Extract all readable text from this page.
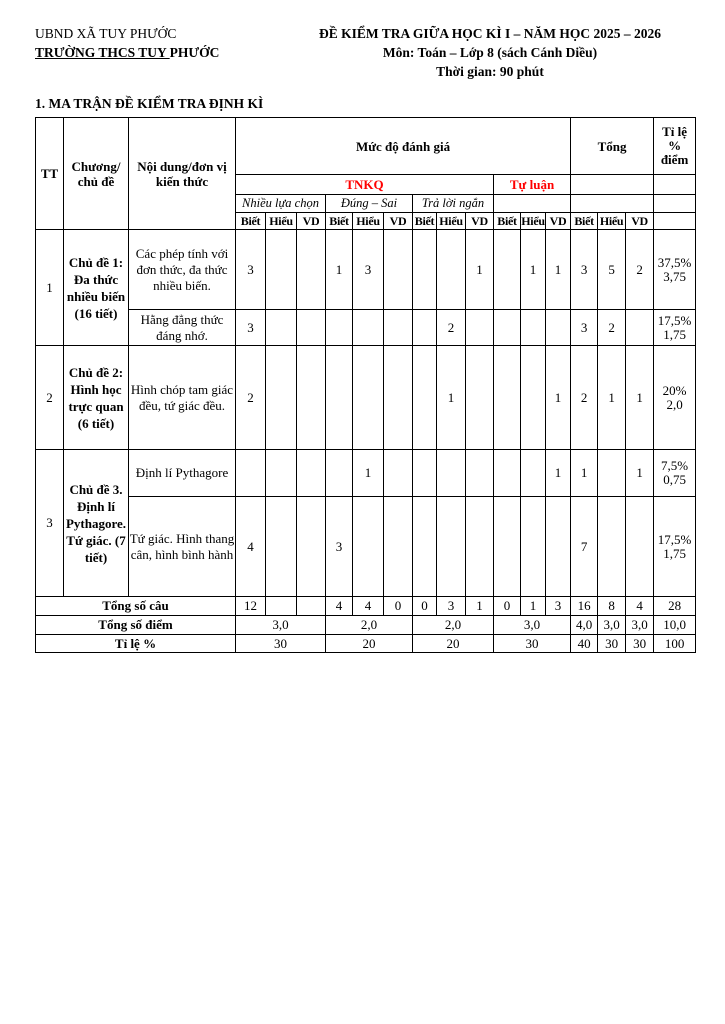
UBND XÃ TUY PHƯỚC
TRƯỜNG THCS TUY PHƯỚC
ĐỀ KIỂM TRA GIỮA HỌC KÌ I – NĂM HỌC 2025 – 2026
Môn: Toán – Lớp 8 (sách Cánh Diều)
Thời gian: 90 phút
1. MA TRẬN ĐỀ KIỂM TRA ĐỊNH KÌ
TT	Chương/ chủ đề	Nội dung/đơn vị kiến thức	Mức độ đánh giá												Tổng			Tỉ lệ
%
điểm

			TNKQ									Tự luận						
			Nhiều lựa chọn			Đúng – Sai			Trả lời ngắn									
			Biết	Hiểu	VD	Biết	Hiểu	VD	Biết	Hiểu	VD	Biết	Hiểu	VD	Biết	Hiểu	VD	
1	Chủ đề 1: Đa thức nhiều biến (16 tiết)	Các phép tính với đơn thức, đa thức nhiều biến.	3			1	3				1		1	1	3	5	2	37,5%
3,75

		Hằng đẳng thức đáng nhớ.	3							2					3	2		17,5%
1,75

2	Chủ đề 2: Hình học trực quan (6 tiết)	Hình chóp tam giác đều, tứ giác đều.	2							1				1	2	1	1	20%
2,0

3	Chủ đề 3. Định lí Pythagore. Tứ giác. (7 tiết)	Định lí Pythagore					1							1	1		1	7,5%
0,75

		Tứ giác. Hình thang cân, hình bình hành	4			3									7			17,5%
1,75

Tổng số câu			12			4	4	0	0	3	1	0	1	3	16	8	4	28
Tổng số điểm			3,0			2,0			2,0			3,0			4,0	3,0	3,0	10,0
Tỉ lệ %			30			20			20			30			40	30	30	100
